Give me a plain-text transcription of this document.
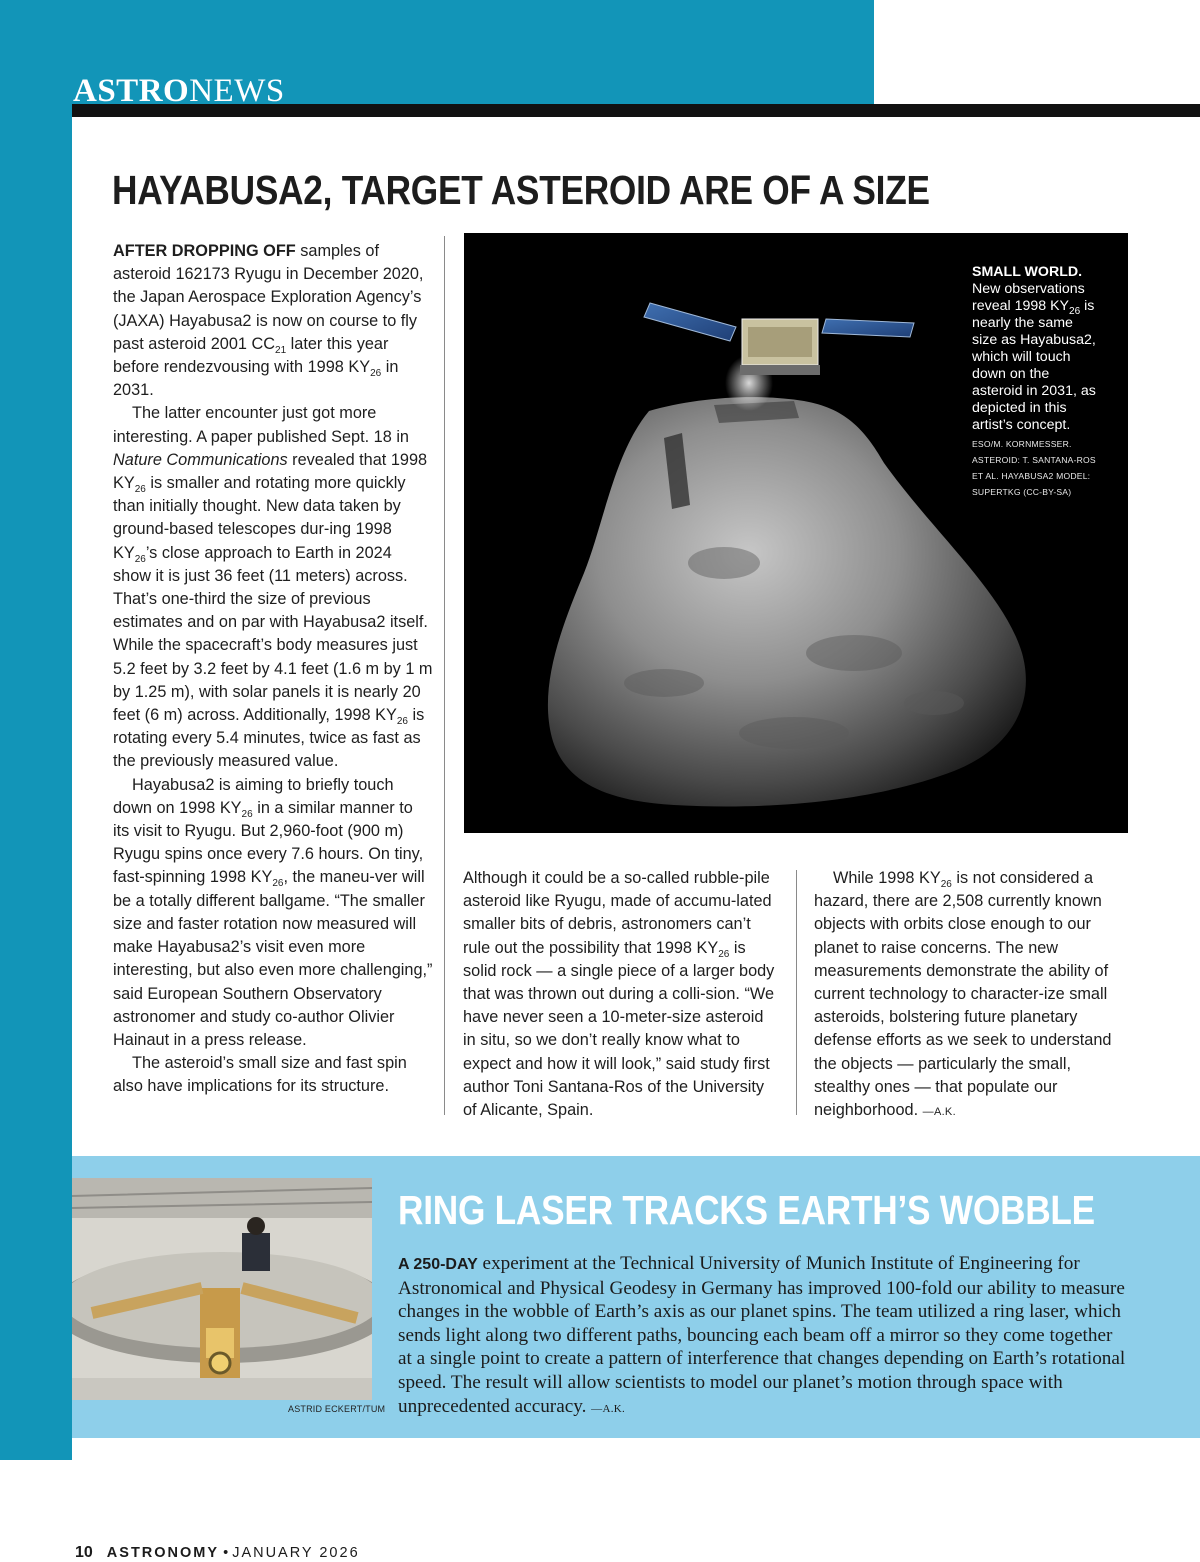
ASTRONEWS
HAYABUSA2, TARGET ASTEROID ARE OF A SIZE

AFTER DROPPING OFF samples of asteroid 162173 Ryugu in December 2020, the Japan Aerospace Exploration Agency’s (JAXA) Hayabusa2 is now on course to fly past asteroid 2001 $CC_{21}$ later this year before rendezvousing with 1998 $KY_{26}$ in 2031.

The latter encounter just got more interesting. A paper published Sept. 18 in Nature Communications revealed that 1998 $KY_{26}$ is smaller and rotating more quickly than initially thought. New data taken by ground-based telescopes dur-ing 1998 $KY_{26}’s$ close approach to Earth in 2024 show it is just 36 feet (11 meters) across. That’s one-third the size of previous estimates and on par with Hayabusa2 itself. While the spacecraft’s body measures just 5.2 feet by 3.2 feet by 4.1 feet (1.6 m by 1 m by 1.25 m), with solar panels it is nearly 20 feet (6 m) across. Additionally, 1998 $KY_{26}$ is rotating every 5.4 minutes, twice as fast as the previously measured value.

Hayabusa2 is aiming to briefly touch down on 1998 $KY_{26}$ in a similar manner to its visit to Ryugu. But 2,960-foot (900 m) Ryugu spins once every 7.6 hours. On tiny, fast-spinning 1998 $KY_{26}$, the maneu-ver will be a totally different ballgame. “The smaller size and faster rotation now measured will make Hayabusa2’s visit even more interesting, but also even more challenging,” said European Southern Observatory astronomer and study co-author Olivier Hainaut in a press release.

The asteroid’s small size and fast spin also have implications for its structure.

SMALL WORLD.
New observations reveal 1998 $KY_{26}$ is nearly the same size as Hayabusa2, which will touch down on the asteroid in 2031, as depicted in this artist’s concept.
ESO/M. KORNMESSER. ASTEROID: T. SANTANA-ROS ET AL. HAYABUSA2 MODEL: SUPERTKG (CC-BY-SA)

Although it could be a so-called rubble-pile asteroid like Ryugu, made of accumu-lated smaller bits of debris, astronomers can’t rule out the possibility that 1998 $KY_{26}$ is solid rock — a single piece of a larger body that was thrown out during a colli-sion. “We have never seen a 10-meter-size asteroid in situ, so we don’t really know what to expect and how it will look,” said study first author Toni Santana-Ros of the University of Alicante, Spain.

While 1998 $KY_{26}$ is not considered a hazard, there are 2,508 currently known objects with orbits close enough to our planet to raise concerns. The new measurements demonstrate the ability of current technology to character-ize small asteroids, bolstering future planetary defense efforts as we seek to understand the objects — particularly the small, stealthy ones — that populate our neighborhood. —A.K.

ASTRID ECKERT/TUM
RING LASER TRACKS EARTH’S WOBBLE

A 250-DAY experiment at the Technical University of Munich Institute of Engineering for Astronomical and Physical Geodesy in Germany has improved 100-fold our ability to measure changes in the wobble of Earth’s axis as our planet spins. The team utilized a ring laser, which sends light along two different paths, bouncing each beam off a mirror so they come together at a single point to create a pattern of interference that changes depending on Earth’s rotational speed. The result will allow scientists to model our planet’s motion through space with unprecedented accuracy. —A.K.

10 ASTRONOMY • JANUARY 2026
